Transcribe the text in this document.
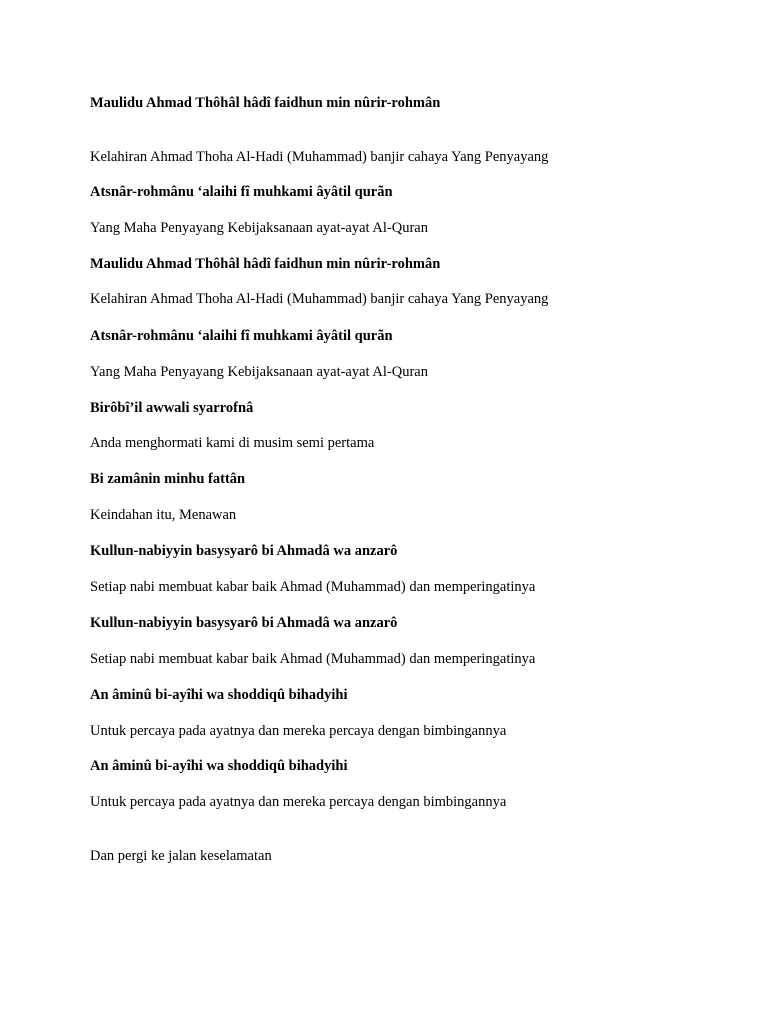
Maulidu Ahmad Thôhâl hâdî faidhun min nûrir-rohmân

Kelahiran Ahmad Thoha Al-Hadi (Muhammad) banjir cahaya Yang Penyayang

Atsnâr-rohmânu ‘alaihi fî muhkami âyâtil qurãn

Yang Maha Penyayang Kebijaksanaan ayat-ayat Al-Quran

Maulidu Ahmad Thôhâl hâdî faidhun min nûrir-rohmân

Kelahiran Ahmad Thoha Al-Hadi (Muhammad) banjir cahaya Yang Penyayang

Atsnâr-rohmânu ‘alaihi fî muhkami âyâtil qurãn

Yang Maha Penyayang Kebijaksanaan ayat-ayat Al-Quran

Birôbî’il awwali syarrofnâ

Anda menghormati kami di musim semi pertama

Bi zamânin minhu fattân

Keindahan itu, Menawan

Kullun-nabiyyin basysyarô bi Ahmadâ wa anzarô

Setiap nabi membuat kabar baik Ahmad (Muhammad) dan memperingatinya

Kullun-nabiyyin basysyarô bi Ahmadâ wa anzarô

Setiap nabi membuat kabar baik Ahmad (Muhammad) dan memperingatinya

An âminû bi-ayîhi wa shoddiqû bihadyihi

Untuk percaya pada ayatnya dan mereka percaya dengan bimbingannya

An âminû bi-ayîhi wa shoddiqû bihadyihi

Untuk percaya pada ayatnya dan mereka percaya dengan bimbingannya

Dan pergi ke jalan keselamatan
